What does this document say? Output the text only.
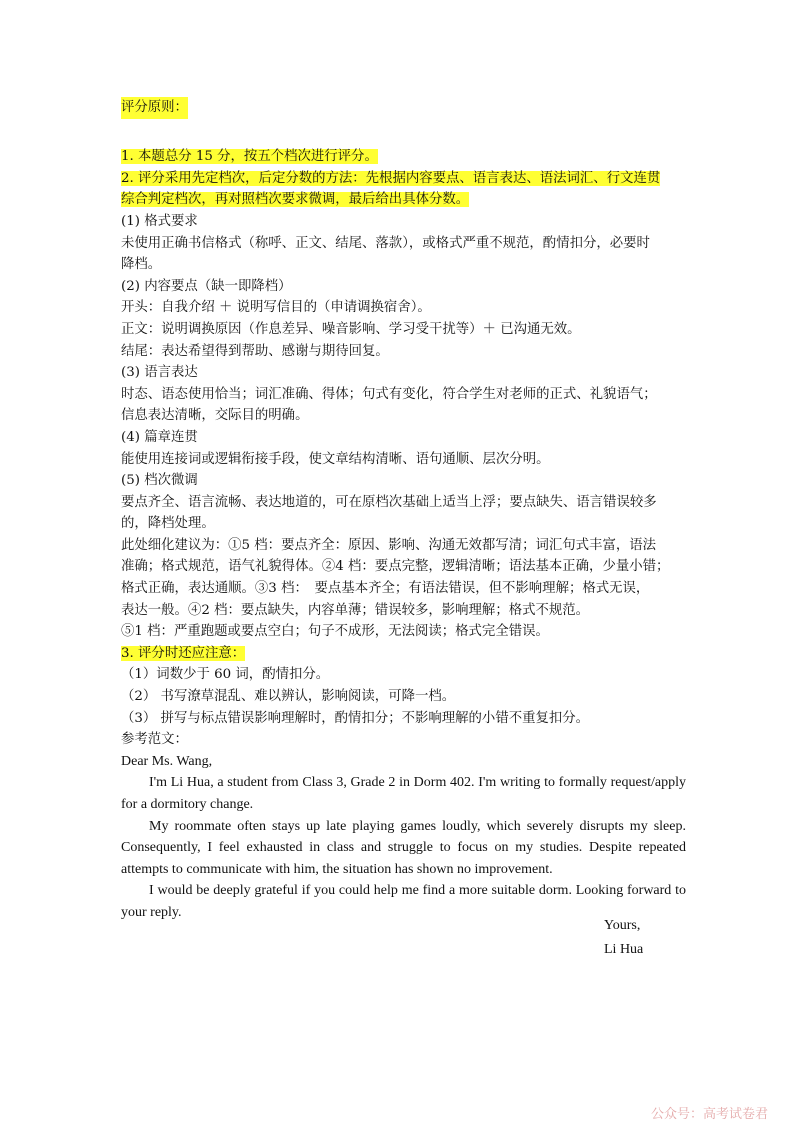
评分原则：
1. 本题总分 15 分，按五个档次进行评分。
2. 评分采用先定档次，后定分数的方法：先根据内容要点、语言表达、语法词汇、行文连贯
综合判定档次，再对照档次要求微调，最后给出具体分数。
(1) 格式要求
未使用正确书信格式（称呼、正文、结尾、落款），或格式严重不规范，酌情扣分，必要时
降档。
(2) 内容要点（缺一即降档）
开头：自我介绍 ＋ 说明写信目的（申请调换宿舍）。
正文：说明调换原因（作息差异、噪音影响、学习受干扰等）＋ 已沟通无效。
结尾：表达希望得到帮助、感谢与期待回复。
(3) 语言表达
时态、语态使用恰当；词汇准确、得体；句式有变化，符合学生对老师的正式、礼貌语气；
信息表达清晰，交际目的明确。
(4) 篇章连贯
能使用连接词或逻辑衔接手段，使文章结构清晰、语句通顺、层次分明。
(5) 档次微调
要点齐全、语言流畅、表达地道的，可在原档次基础上适当上浮；要点缺失、语言错误较多
的，降档处理。
此处细化建议为：①5 档：要点齐全：原因、影响、沟通无效都写清；词汇句式丰富，语法
准确；格式规范，语气礼貌得体。②4 档：要点完整，逻辑清晰；语法基本正确，少量小错；
格式正确，表达通顺。③3 档：　要点基本齐全；有语法错误，但不影响理解；格式无误，
表达一般。④2 档：要点缺失，内容单薄；错误较多，影响理解；格式不规范。
⑤1 档：严重跑题或要点空白；句子不成形，无法阅读；格式完全错误。
3. 评分时还应注意：
（1）词数少于 60 词，酌情扣分。
（2） 书写潦草混乱、难以辨认，影响阅读，可降一档。
（3） 拼写与标点错误影响理解时，酌情扣分；不影响理解的小错不重复扣分。
参考范文：
Dear Ms. Wang,
I'm Li Hua, a student from Class 3, Grade 2 in Dorm 402. I'm writing to formally request/apply for a dormitory change.
My roommate often stays up late playing games loudly, which severely disrupts my sleep. Consequently, I feel exhausted in class and struggle to focus on my studies. Despite repeated attempts to communicate with him, the situation has shown no improvement.
I would be deeply grateful if you could help me find a more suitable dorm. Looking forward to your reply.
Yours,
Li Hua
公众号：高考试卷君
